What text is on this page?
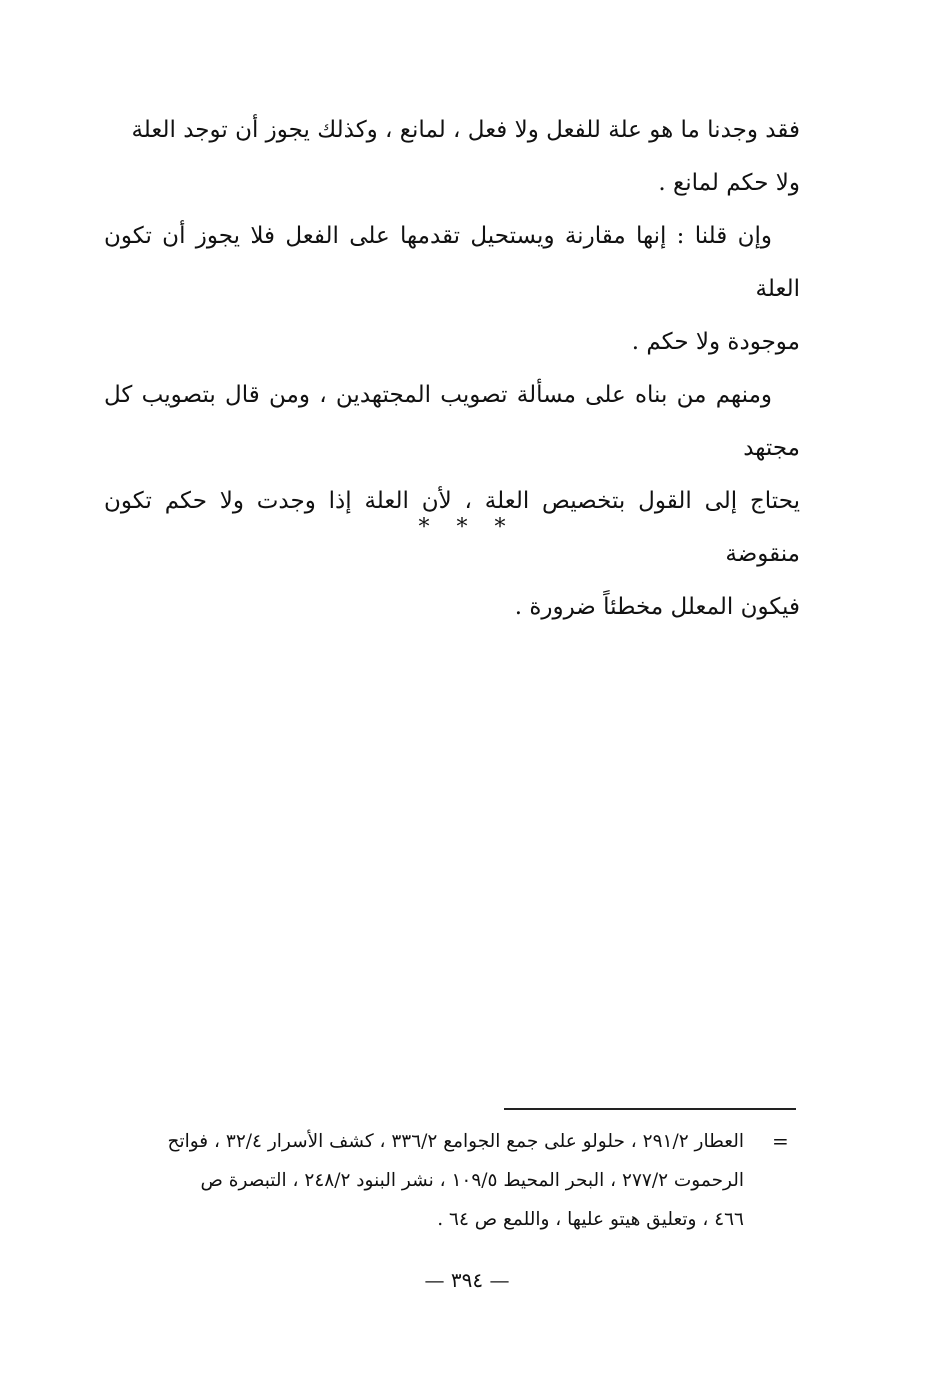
فقد وجدنا ما هو علة للفعل ولا فعل ، لمانع ، وكذلك يجوز أن توجد العلة

ولا حكم لمانع .

وإن قلنا : إنها مقارنة ويستحيل تقدمها على الفعل فلا يجوز أن تكون العلة

موجودة ولا حكم .

ومنهم من بناه على مسألة تصويب المجتهدين ، ومن قال بتصويب كل مجتهد

يحتاج إلى القول بتخصيص العلة ، لأن العلة إذا وجدت ولا حكم تكون منقوضة

فيكون المعلل مخطئاً ضرورة .

* * *
=

العطار ٢٩١/٢ ، حلولو على جمع الجوامع ٣٣٦/٢ ، كشف الأسرار ٣٢/٤ ، فواتح

الرحموت ٢٧٧/٢ ، البحر المحيط ١٠٩/٥ ، نشر البنود ٢٤٨/٢ ، التبصرة ص

٤٦٦ ، وتعليق هيتو عليها ، واللمع ص ٦٤ .

— ٣٩٤ —
